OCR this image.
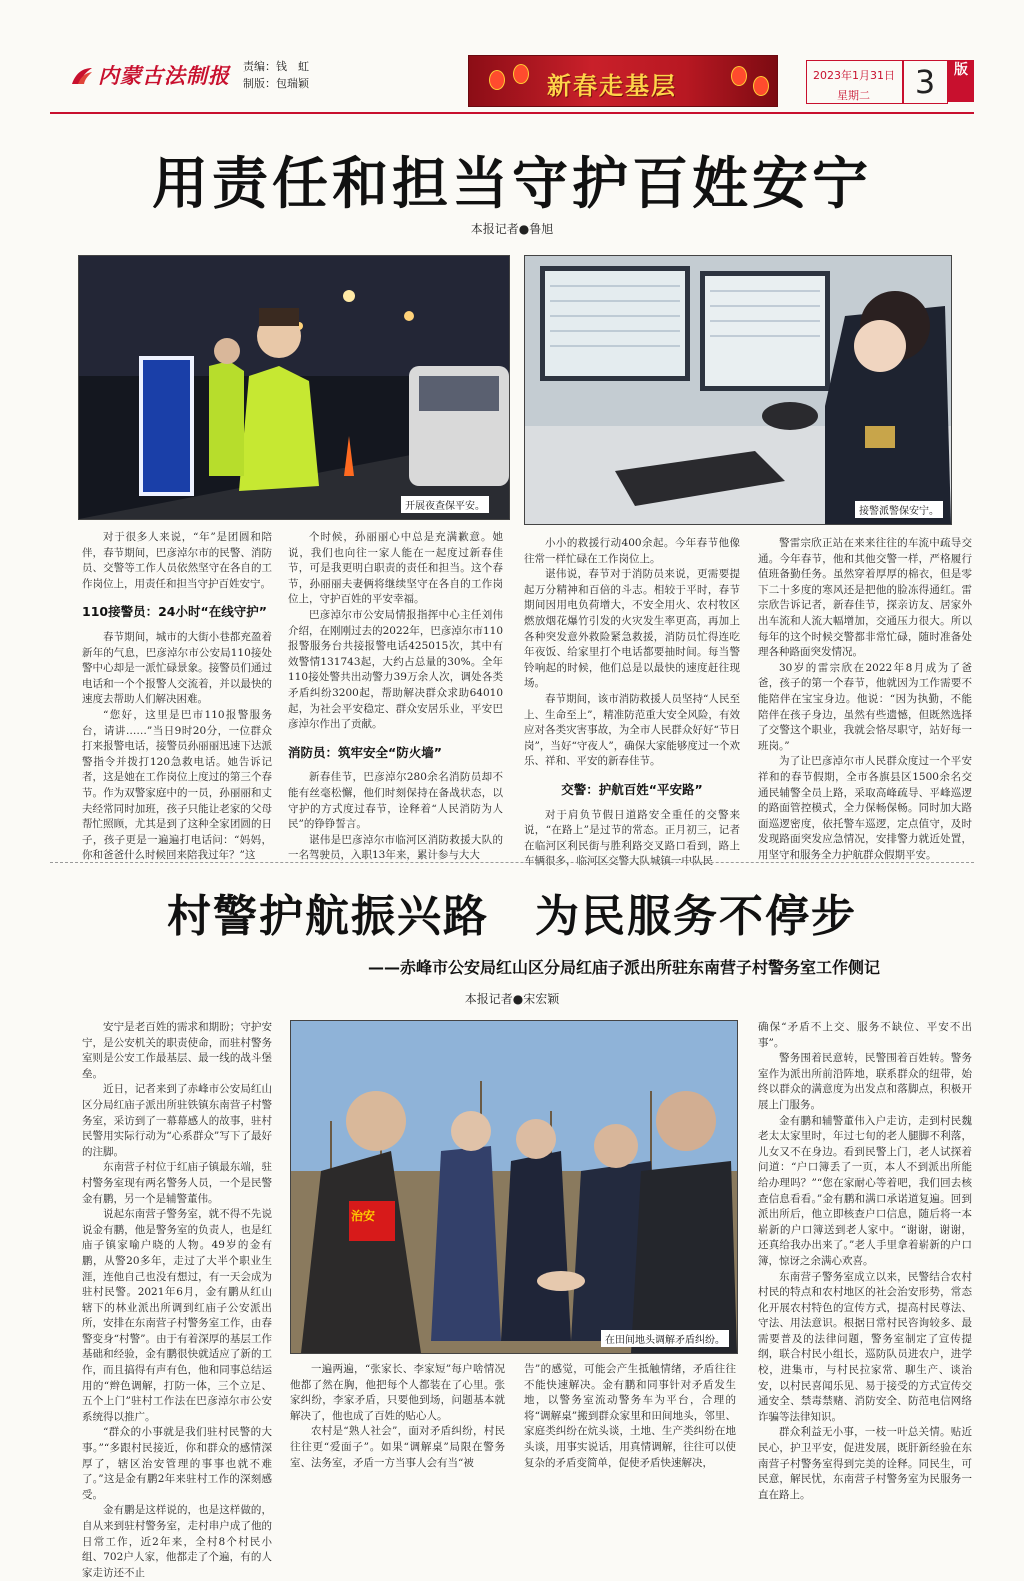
内蒙古法制报 责编：钱　虹
制版：包瑞颖	新春走基层	2023年1月31日
星期二	3	版
用责任和担当守护百姓安宁
本报记者●鲁旭
开展夜查保平安。	接警派警保安宁。

对于很多人来说，“年”是团圆和陪伴，春节期间，巴彦淖尔市的民警、消防员、交警等工作人员依然坚守在各自的工作岗位上，用责任和担当守护百姓安宁。

110接警员：24小时“在线守护”

春节期间，城市的大街小巷都充盈着新年的气息，巴彦淖尔市公安局110接处警中心却是一派忙碌景象。接警员们通过电话和一个个报警人交流着，并以最快的速度去帮助人们解决困难。

“您好，这里是巴市110报警服务台，请讲……”当日9时20分，一位群众打来报警电话，接警员孙丽丽迅速下达派警指令并拨打120急救电话。她告诉记者，这是她在工作岗位上度过的第三个春节。作为双警家庭中的一员，孙丽丽和丈夫经常同时加班，孩子只能让老家的父母帮忙照顾，尤其是到了这种全家团圆的日子，孩子更是一遍遍打电话问：“妈妈，你和爸爸什么时候回来陪我过年？”这

个时候，孙丽丽心中总是充满歉意。她说，我们也向往一家人能在一起度过新春佳节，可是我更明白职责的责任和担当。这个春节，孙丽丽夫妻俩将继续坚守在各自的工作岗位上，守护百姓的平安幸福。

巴彦淖尔市公安局情报指挥中心主任刘伟介绍，在刚刚过去的2022年，巴彦淖尔市110报警服务台共接报警电话425015次，其中有效警情131743起，大约占总量的30%。全年110接处警共出动警力39万余人次，调处各类矛盾纠纷3200起，帮助解决群众求助64010起，为社会平安稳定、群众安居乐业，平安巴彦淖尔作出了贡献。

消防员：筑牢安全“防火墙”

新春佳节，巴彦淖尔280余名消防员却不能有丝毫松懈，他们时刻保持在备战状态，以守护的方式度过春节，诠释着“人民消防为人民”的铮铮誓言。

谌伟是巴彦淖尔市临河区消防救援大队的一名驾驶员，入职13年来，累计参与大大

小小的救援行动400余起。今年春节他像往常一样忙碌在工作岗位上。

谌伟说，春节对于消防员来说，更需要提起万分精神和百倍的斗志。相较于平时，春节期间因用电负荷增大，不安全用火、农村牧区燃放烟花爆竹引发的火灾发生率更高，再加上各种突发意外救险紧急救援，消防员忙得连吃年夜饭、给家里打个电话都要抽时间。每当警铃响起的时候，他们总是以最快的速度赶往现场。

春节期间，该市消防救援人员坚持“人民至上、生命至上”，精准防范重大安全风险，有效应对各类灾害事故，为全市人民群众好好“节日岗”，当好“守夜人”，确保大家能够度过一个欢乐、祥和、平安的新春佳节。

交警：护航百姓“平安路”

对于肩负节假日道路安全重任的交警来说，“在路上”是过节的常态。正月初三，记者在临河区利民街与胜利路交叉路口看到，路上车辆很多，临河区交警大队城镇一中队民

警雷宗欣正站在来来往往的车流中疏导交通。今年春节，他和其他交警一样，严格履行值班备勤任务。虽然穿着厚厚的棉衣，但是零下二十多度的寒风还是把他的脸冻得通红。雷宗欣告诉记者，新春佳节，探亲访友、居家外出车流和人流大幅增加，交通压力很大。所以每年的这个时候交警都非常忙碌，随时准备处理各种路面突发情况。

30岁的雷宗欣在2022年8月成为了爸爸，孩子的第一个春节，他就因为工作需要不能陪伴在宝宝身边。他说：“因为执勤，不能陪伴在孩子身边，虽然有些遗憾，但既然选择了交警这个职业，我就会恪尽职守，站好每一班岗。”

为了让巴彦淖尔市人民群众度过一个平安祥和的春节假期，全市各旗县区1500余名交通民辅警全员上路，采取高峰疏导、平峰巡逻的路面管控模式，全力保畅保畅。同时加大路面巡逻密度，依托警车巡逻，定点值守，及时发现路面突发应急情况，安排警力就近处置，用坚守和服务全力护航群众假期平安。

村警护航振兴路　为民服务不停步
——赤峰市公安局红山区分局红庙子派出所驻东南营子村警务室工作侧记
本报记者●宋宏颖
治安
在田间地头调解矛盾纠纷。

安宁是老百姓的需求和期盼；守护安宁，是公安机关的职责使命，而驻村警务室则是公安工作最基层、最一线的战斗堡垒。

近日，记者来到了赤峰市公安局红山区分局红庙子派出所驻铁镇东南营子村警务室，采访到了一幕幕感人的故事，驻村民警用实际行动为“心系群众”写下了最好的注脚。

东南营子村位于红庙子镇最东端，驻村警务室现有两名警务人员，一个是民警金有鹏，另一个是辅警董伟。

说起东南营子警务室，就不得不先说说金有鹏，他是警务室的负责人，也是红庙子镇家喻户晓的人物。49岁的金有鹏，从警20多年，走过了大半个职业生涯，连他自己也没有想过，有一天会成为驻村民警。2021年6月，金有鹏从红山辖下的林业派出所调到红庙子公安派出所，安排在东南营子村警务室工作，由春警变身“村警”。由于有着深厚的基层工作基础和经验，金有鹏很快就适应了新的工作，而且搞得有声有色，他和同事总结运用的“辫色调解，打防一体，三个立足、五个上门”驻村工作法在巴彦淖尔市公安系统得以推广。

“群众的小事就是我们驻村民警的大事。”“多跟村民接近，你和群众的感情深厚了，辖区治安管理的事事也就不难了。”这是金有鹏2年来驻村工作的深刻感受。

金有鹏是这样说的，也是这样做的，自从来到驻村警务室，走村串户成了他的日常工作，近2年来，全村8个村民小组、702户人家，他都走了个遍，有的人家走访还不止

一遍两遍，“张家长、李家短”每户啥情况他都了然在胸，他把每个人都装在了心里。张家纠纷，李家矛盾，只要他到场，问题基本就解决了，他也成了百姓的贴心人。

农村是“熟人社会”，面对矛盾纠纷，村民往往更“爱面子”。如果“调解桌”局限在警务室、法务室，矛盾一方当事人会有当“被

告”的感觉，可能会产生抵触情绪，矛盾往往不能快速解决。金有鹏和同事针对矛盾发生地，以警务室流动警务车为平台，合理的将“调解桌”搬到群众家里和田间地头，邻里、家庭类纠纷在炕头谈，土地、生产类纠纷在地头谈，用事实说话，用真情调解，往往可以使复杂的矛盾变简单，促使矛盾快速解决，

确保“矛盾不上交、服务不缺位、平安不出事”。

警务围着民意转，民警围着百姓转。警务室作为派出所前沿阵地，联系群众的纽带，始终以群众的满意度为出发点和落脚点，积极开展上门服务。

金有鹏和辅警董伟入户走访，走到村民魏老太太家里时，年过七旬的老人腿脚不利落，儿女又不在身边。看到民警上门，老人试探着问道：“户口簿丢了一页，本人不到派出所能给办理吗？”“您在家耐心等着吧，我们回去核查信息看看。”金有鹏和满口承诺道复遍。回到派出所后，他立即核查户口信息，随后将一本崭新的户口簿送到老人家中。“谢谢，谢谢，还真给我办出来了。”老人手里拿着崭新的户口簿，惊讶之余满心欢喜。

东南营子警务室成立以来，民警结合农村村民的特点和农村地区的社会治安形势，常态化开展农村特色的宣传方式，提高村民尊法、守法、用法意识。根据日常村民咨询较多、最需要普及的法律问题，警务室制定了宣传提纲，联合村民小组长，巡防队员进农户，进学校，进集市，与村民拉家常、聊生产、谈治安，以村民喜闻乐见、易于接受的方式宣传交通安全、禁毒禁赌、消防安全、防范电信网络诈骗等法律知识。

群众利益无小事，一枝一叶总关情。贴近民心，护卫平安，促进发展，既肝新经验在东南营子村警务室得到完美的诠释。同民生，可民意，解民忧，东南营子村警务室为民服务一直在路上。
